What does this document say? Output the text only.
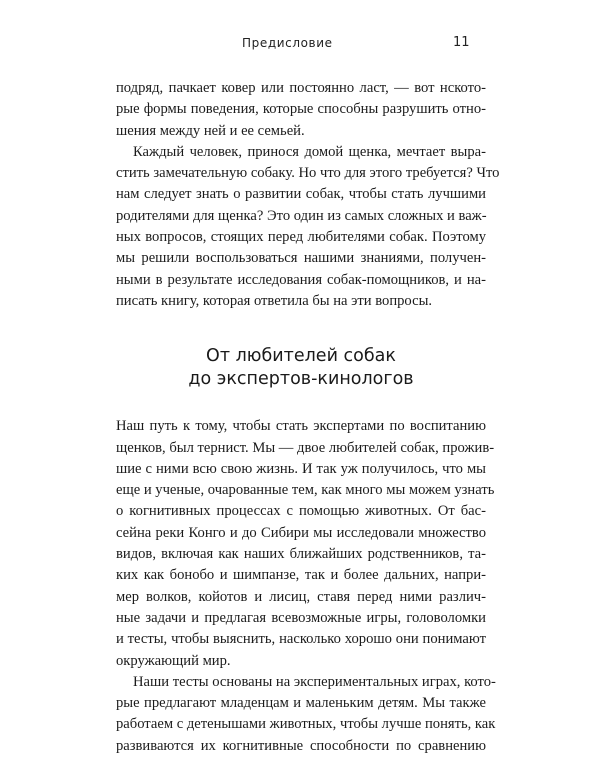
Предисловие	11
подряд, пачкает ковер или постоянно ласт, — вот нското-
рые формы поведения, которые способны разрушить отно-
шения между ней и ее семьей.
Каждый человек, принося домой щенка, мечтает выра-
стить замечательную собаку. Но что для этого требуется? Что
нам следует знать о развитии собак, чтобы стать лучшими
родителями для щенка? Это один из самых сложных и важ-
ных вопросов, стоящих перед любителями собак. Поэтому
мы решили воспользоваться нашими знаниями, получен-
ными в результате исследования собак-помощников, и на-
писать книгу, которая ответила бы на эти вопросы.
От любителей собак
до экспертов-кинологов
Наш путь к тому, чтобы стать экспертами по воспитанию
щенков, был тернист. Мы — двое любителей собак, прожив-
шие с ними всю свою жизнь. И так уж получилось, что мы
еще и ученые, очарованные тем, как много мы можем узнать
о когнитивных процессах с помощью животных. От бас-
сейна реки Конго и до Сибири мы исследовали множество
видов, включая как наших ближайших родственников, та-
ких как бонобо и шимпанзе, так и более дальних, напри-
мер волков, койотов и лисиц, ставя перед ними различ-
ные задачи и предлагая всевозможные игры, головоломки
и тесты, чтобы выяснить, насколько хорошо они понимают
окружающий мир.
Наши тесты основаны на экспериментальных играх, кото-
рые предлагают младенцам и маленьким детям. Мы также
работаем с детенышами животных, чтобы лучше понять, как
развиваются их когнитивные способности по сравнению
